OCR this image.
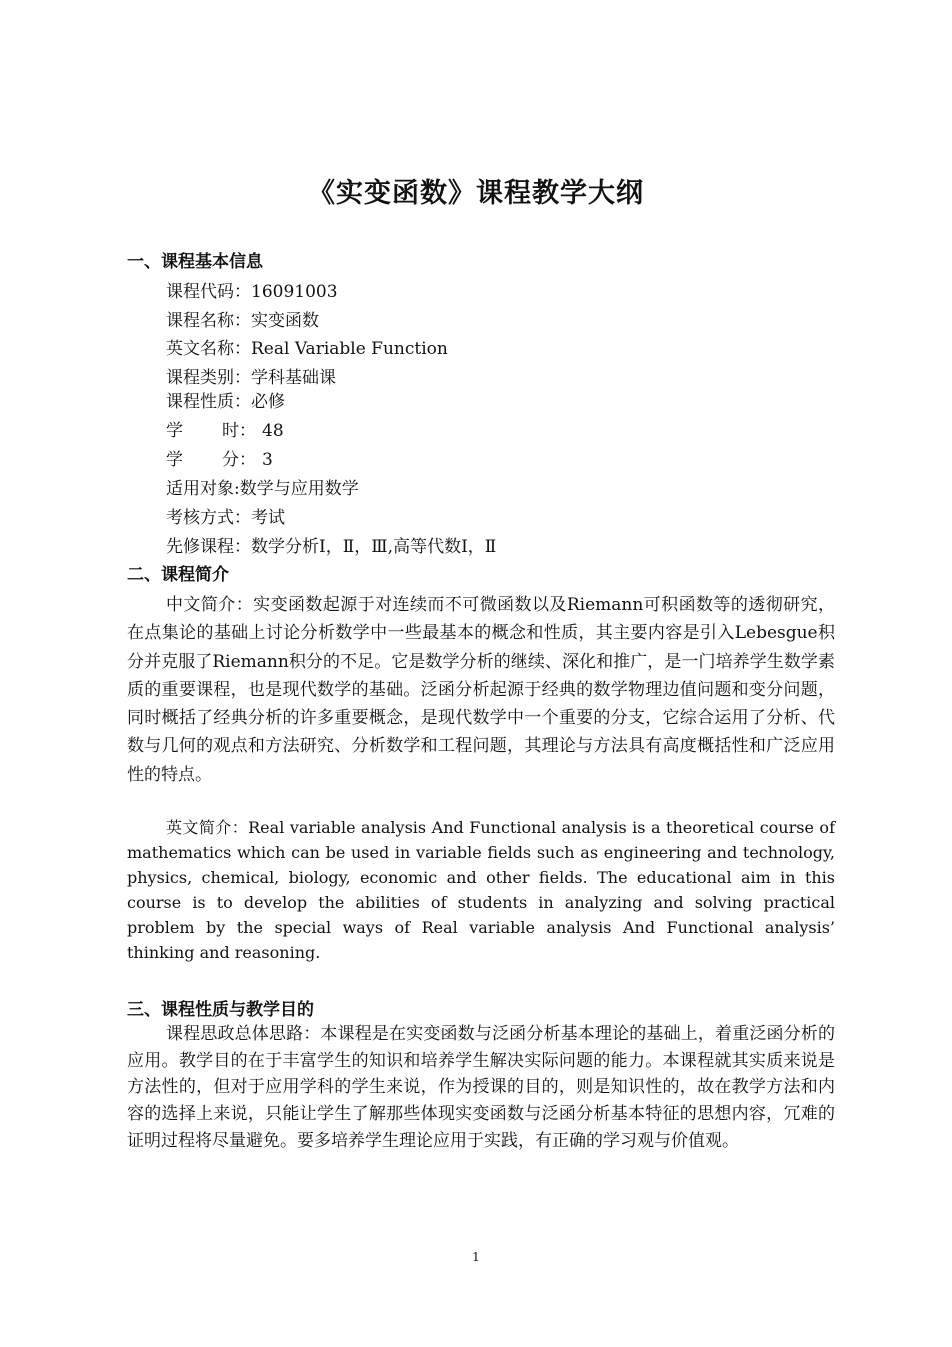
《实变函数》课程教学大纲
一、课程基本信息
课程代码：16091003
课程名称：实变函数
英文名称：Real Variable Function
课程类别：学科基础课
课程性质：必修
学 时： 48
学 分： 3
适用对象:数学与应用数学
考核方式：考试
先修课程：数学分析Ⅰ，Ⅱ，Ⅲ,高等代数Ⅰ，Ⅱ
二、课程简介

中文简介：实变函数起源于对连续而不可微函数以及Riemann可积函数等的透彻研究，在点集论的基础上讨论分析数学中一些最基本的概念和性质，其主要内容是引入Lebesgue积分并克服了Riemann积分的不足。它是数学分析的继续、深化和推广，是一门培养学生数学素质的重要课程，也是现代数学的基础。泛函分析起源于经典的数学物理边值问题和变分问题，同时概括了经典分析的许多重要概念，是现代数学中一个重要的分支，它综合运用了分析、代数与几何的观点和方法研究、分析数学和工程问题，其理论与方法具有高度概括性和广泛应用性的特点。

英文简介：Real variable analysis And Functional analysis is a theoretical course of mathematics which can be used in variable fields such as engineering and technology, physics, chemical, biology, economic and other fields. The educational aim in this course is to develop the abilities of students in analyzing and solving practical problem by the special ways of Real variable analysis And Functional analysis’ thinking and reasoning.

三、课程性质与教学目的

课程思政总体思路：本课程是在实变函数与泛函分析基本理论的基础上，着重泛函分析的应用。教学目的在于丰富学生的知识和培养学生解决实际问题的能力。本课程就其实质来说是方法性的，但对于应用学科的学生来说，作为授课的目的，则是知识性的，故在教学方法和内容的选择上来说，只能让学生了解那些体现实变函数与泛函分析基本特征的思想内容，冗难的证明过程将尽量避免。要多培养学生理论应用于实践，有正确的学习观与价值观。

1
